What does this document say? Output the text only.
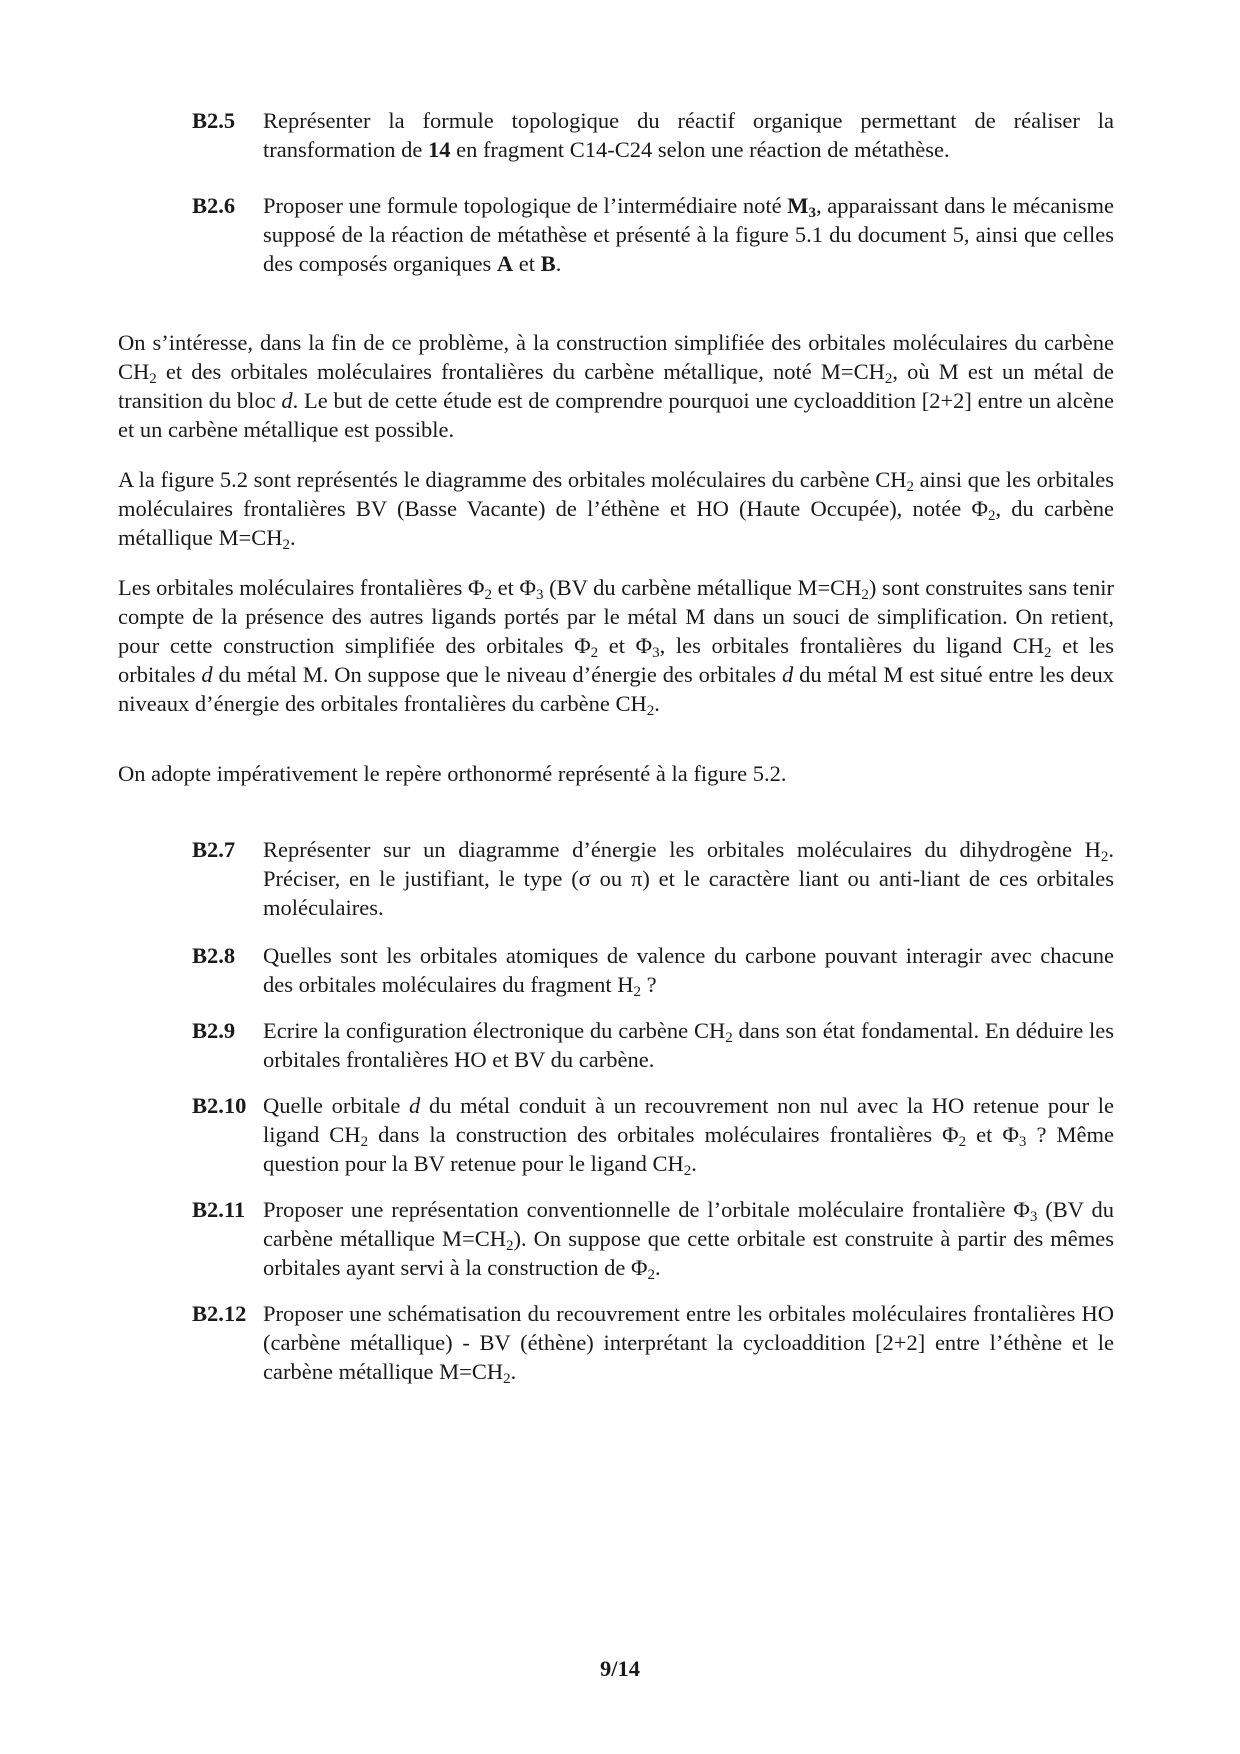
B2.5 Représenter la formule topologique du réactif organique permettant de réaliser la transformation de 14 en fragment C14-C24 selon une réaction de métathèse.
B2.6 Proposer une formule topologique de l’intermédiaire noté $M_3$, apparaissant dans le mécanisme supposé de la réaction de métathèse et présenté à la figure 5.1 du document 5, ainsi que celles des composés organiques A et B.
On s’intéresse, dans la fin de ce problème, à la construction simplifiée des orbitales moléculaires du carbène $CH_2$ et des orbitales moléculaires frontalières du carbène métallique, noté $M=CH_2$, où M est un métal de transition du bloc d. Le but de cette étude est de comprendre pourquoi une cycloaddition [2+2] entre un alcène et un carbène métallique est possible.
A la figure 5.2 sont représentés le diagramme des orbitales moléculaires du carbène $CH_2$ ainsi que les orbitales moléculaires frontalières BV (Basse Vacante) de l’éthène et HO (Haute Occupée), notée $\Phi_2$, du carbène métallique $M=CH_2$.
Les orbitales moléculaires frontalières $\Phi_2$ et $\Phi_3$ (BV du carbène métallique $M=CH_2$) sont construites sans tenir compte de la présence des autres ligands portés par le métal M dans un souci de simplification. On retient, pour cette construction simplifiée des orbitales $\Phi_2$ et $\Phi_3$, les orbitales frontalières du ligand $CH_2$ et les orbitales d du métal M. On suppose que le niveau d’énergie des orbitales d du métal M est situé entre les deux niveaux d’énergie des orbitales frontalières du carbène $CH_2$.
On adopte impérativement le repère orthonormé représenté à la figure 5.2.
B2.7 Représenter sur un diagramme d’énergie les orbitales moléculaires du dihydrogène $H_2$. Préciser, en le justifiant, le type (σ ou π) et le caractère liant ou anti-liant de ces orbitales moléculaires.
B2.8 Quelles sont les orbitales atomiques de valence du carbone pouvant interagir avec chacune des orbitales moléculaires du fragment $H_2$ ?
B2.9 Ecrire la configuration électronique du carbène $CH_2$ dans son état fondamental. En déduire les orbitales frontalières HO et BV du carbène.
B2.10 Quelle orbitale d du métal conduit à un recouvrement non nul avec la HO retenue pour le ligand $CH_2$ dans la construction des orbitales moléculaires frontalières $\Phi_2$ et $\Phi_3$ ? Même question pour la BV retenue pour le ligand $CH_2$.
B2.11 Proposer une représentation conventionnelle de l’orbitale moléculaire frontalière $\Phi_3$ (BV du carbène métallique $M=CH_2$). On suppose que cette orbitale est construite à partir des mêmes orbitales ayant servi à la construction de $\Phi_2$.
B2.12 Proposer une schématisation du recouvrement entre les orbitales moléculaires frontalières HO (carbène métallique) - BV (éthène) interprétant la cycloaddition [2+2] entre l’éthène et le carbène métallique $M=CH_2$.
9/14
